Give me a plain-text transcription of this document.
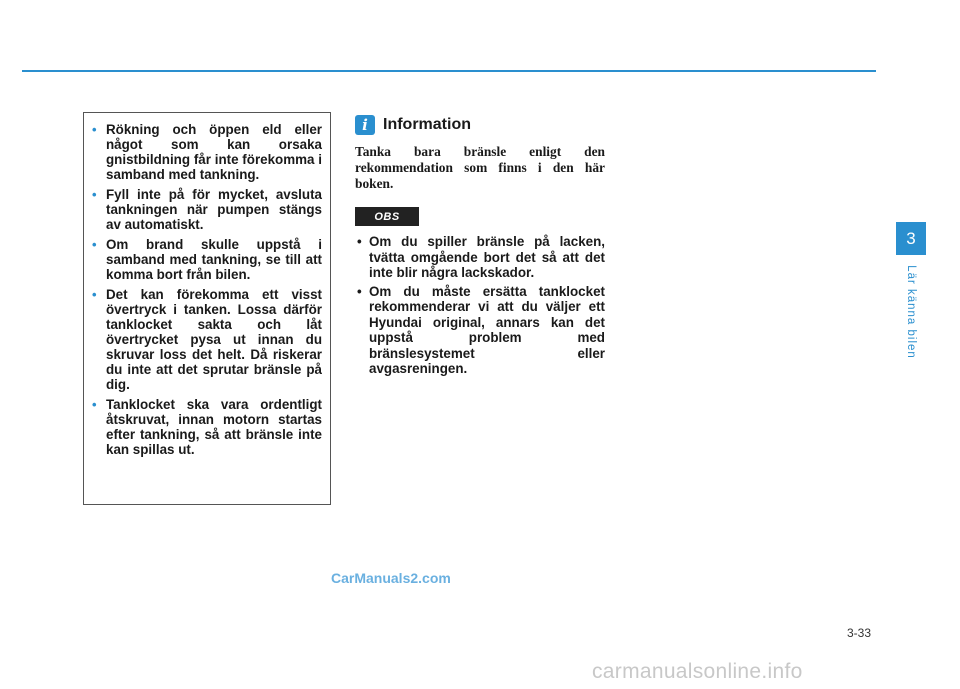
• Rökning och öppen eld eller något som kan orsaka gnistbildning får inte förekomma i samband med tankning.
• Fyll inte på för mycket, avsluta tankningen när pumpen stängs av automatiskt.
• Om brand skulle uppstå i samband med tankning, se till att komma bort från bilen.
• Det kan förekomma ett visst övertryck i tanken. Lossa därför tanklocket sakta och låt övertrycket pysa ut innan du skruvar loss det helt. Då riskerar du inte att det sprutar bränsle på dig.
• Tanklocket ska vara ordentligt åtskruvat, innan motorn startas efter tankning, så att bränsle inte kan spillas ut.
i Information
Tanka bara bränsle enligt den rekommendation som finns i den här boken.
OBS
• Om du spiller bränsle på lacken, tvätta omgående bort det så att det inte blir några lackskador.
• Om du måste ersätta tanklocket rekommenderar vi att du väljer ett Hyundai original, annars kan det uppstå problem med bränslesystemet eller avgasreningen.
3
Lär känna bilen
3-33
CarManuals2.com
carmanualsonline.info
